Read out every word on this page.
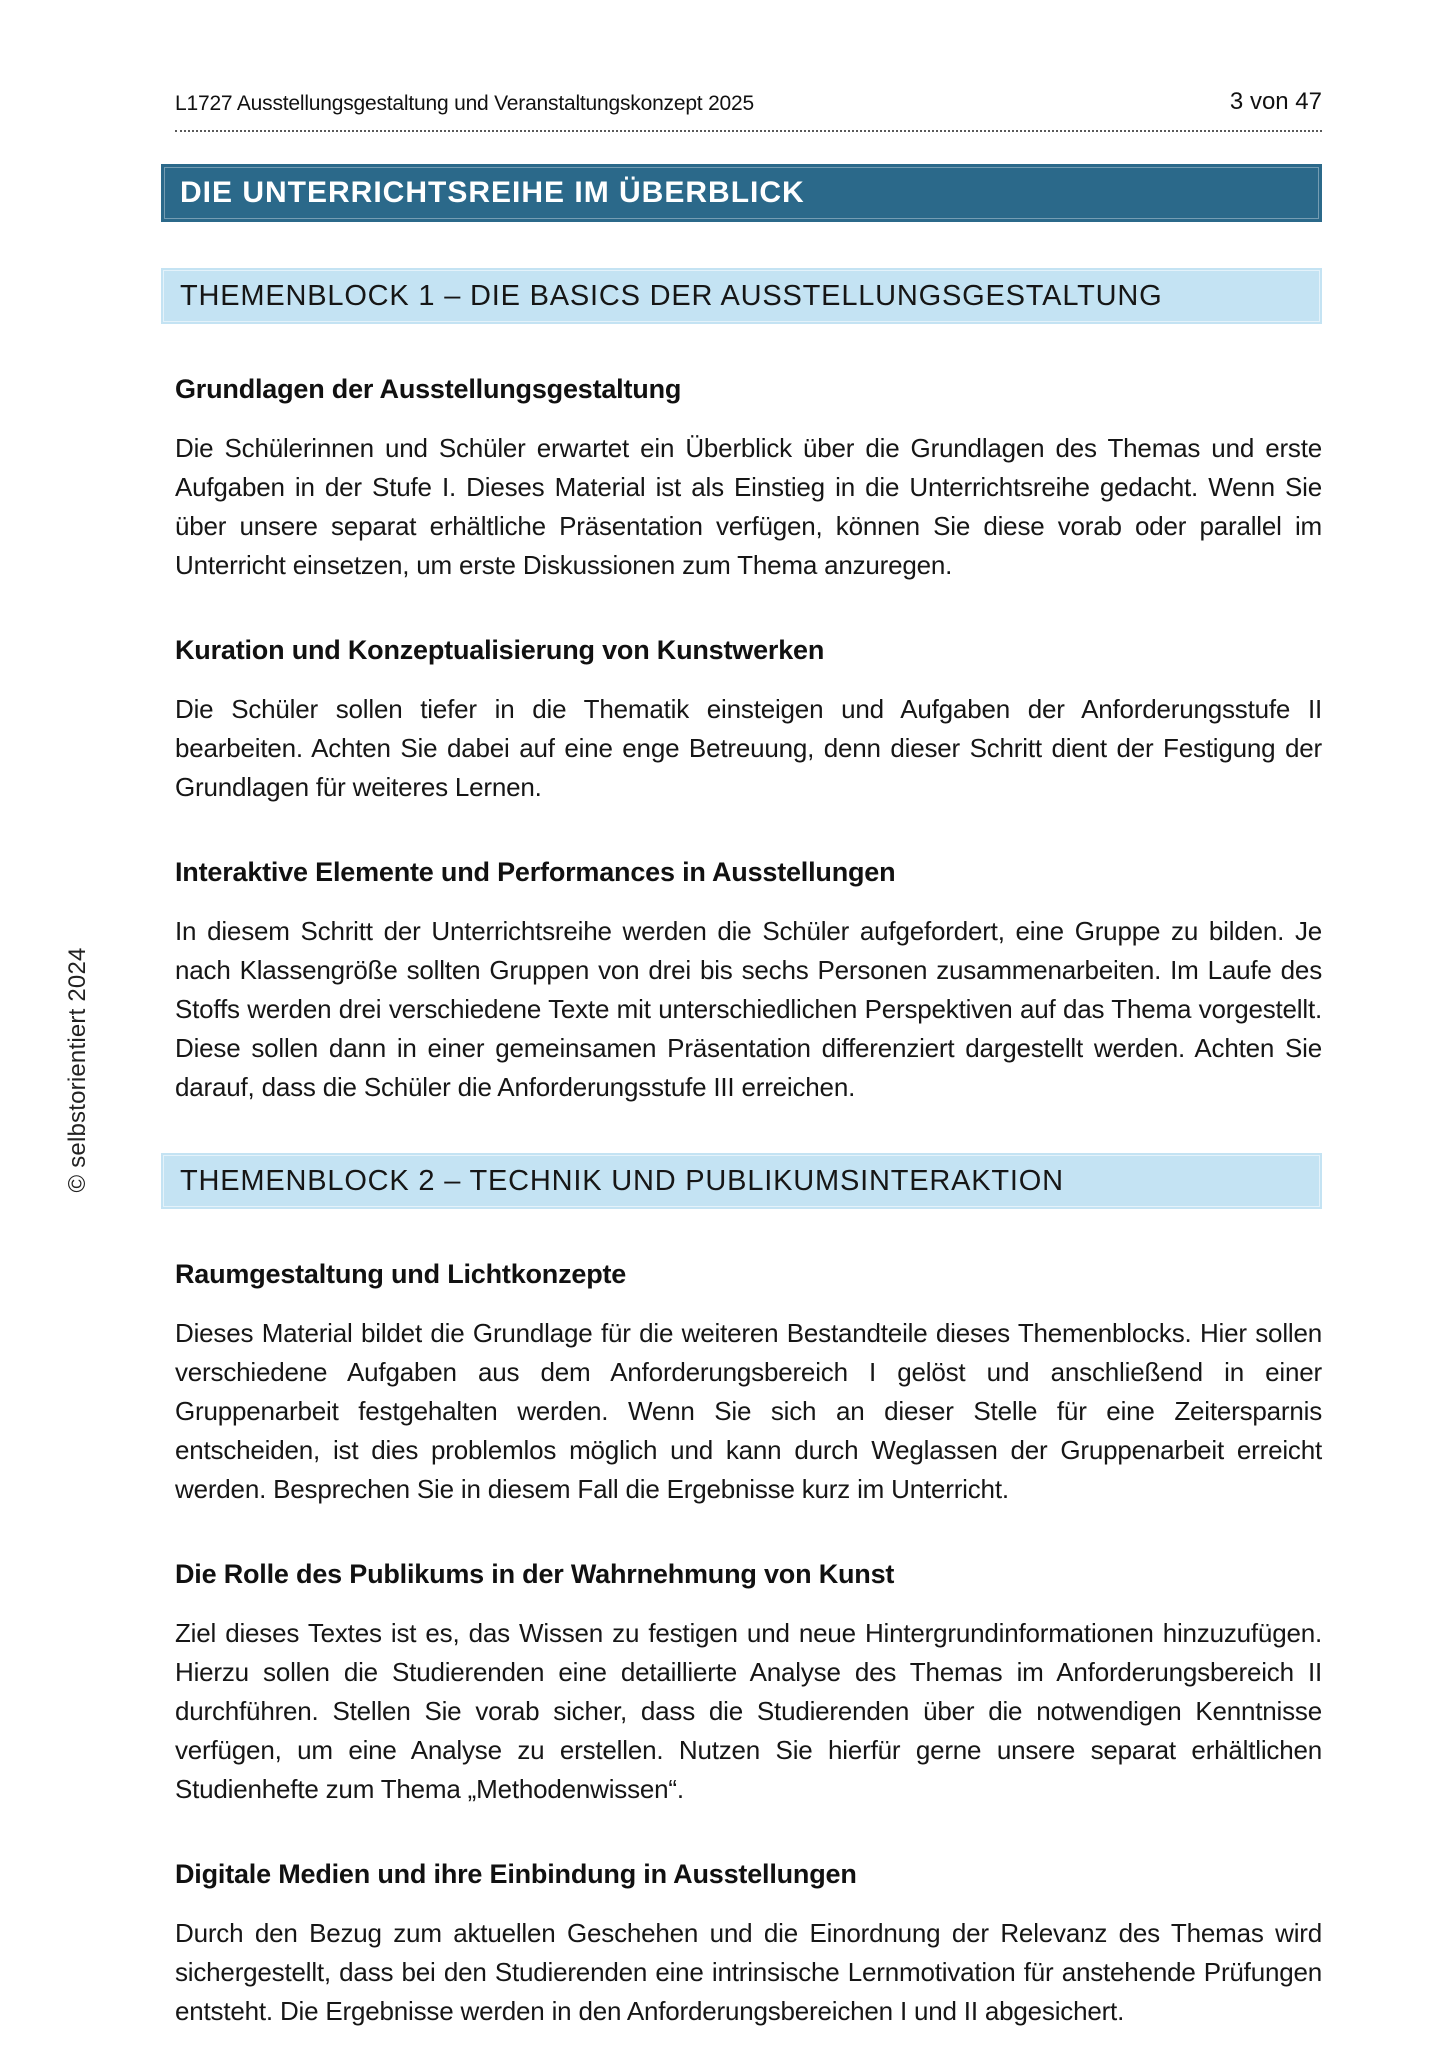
© selbstorientiert 2024
L1727 Ausstellungsgestaltung und Veranstaltungskonzept 2025	3 von 47
DIE UNTERRICHTSREIHE IM ÜBERBLICK
THEMENBLOCK 1 – DIE BASICS DER AUSSTELLUNGSGESTALTUNG
Grundlagen der Ausstellungsgestaltung

Die Schülerinnen und Schüler erwartet ein Überblick über die Grundlagen des Themas und erste Aufgaben in der Stufe I. Dieses Material ist als Einstieg in die Unterrichtsreihe gedacht. Wenn Sie über unsere separat erhältliche Präsentation verfügen, können Sie diese vorab oder parallel im Unterricht einsetzen, um erste Diskussionen zum Thema anzuregen.

Kuration und Konzeptualisierung von Kunstwerken

Die Schüler sollen tiefer in die Thematik einsteigen und Aufgaben der Anforderungsstufe II bearbeiten. Achten Sie dabei auf eine enge Betreuung, denn dieser Schritt dient der Festigung der Grundlagen für weiteres Lernen.

Interaktive Elemente und Performances in Ausstellungen

In diesem Schritt der Unterrichtsreihe werden die Schüler aufgefordert, eine Gruppe zu bilden. Je nach Klassengröße sollten Gruppen von drei bis sechs Personen zusammenarbeiten. Im Laufe des Stoffs werden drei verschiedene Texte mit unterschiedlichen Perspektiven auf das Thema vorgestellt. Diese sollen dann in einer gemeinsamen Präsentation differenziert dargestellt werden. Achten Sie darauf, dass die Schüler die Anforderungsstufe III erreichen.

THEMENBLOCK 2 – TECHNIK UND PUBLIKUMSINTERAKTION
Raumgestaltung und Lichtkonzepte

Dieses Material bildet die Grundlage für die weiteren Bestandteile dieses Themenblocks. Hier sollen verschiedene Aufgaben aus dem Anforderungsbereich I gelöst und anschließend in einer Gruppenarbeit festgehalten werden. Wenn Sie sich an dieser Stelle für eine Zeitersparnis entscheiden, ist dies problemlos möglich und kann durch Weglassen der Gruppenarbeit erreicht werden. Besprechen Sie in diesem Fall die Ergebnisse kurz im Unterricht.

Die Rolle des Publikums in der Wahrnehmung von Kunst

Ziel dieses Textes ist es, das Wissen zu festigen und neue Hintergrundinformationen hinzuzufügen. Hierzu sollen die Studierenden eine detaillierte Analyse des Themas im Anforderungsbereich II durchführen. Stellen Sie vorab sicher, dass die Studierenden über die notwendigen Kenntnisse verfügen, um eine Analyse zu erstellen. Nutzen Sie hierfür gerne unsere separat erhältlichen Studienhefte zum Thema „Methodenwissen“.

Digitale Medien und ihre Einbindung in Ausstellungen

Durch den Bezug zum aktuellen Geschehen und die Einordnung der Relevanz des Themas wird sichergestellt, dass bei den Studierenden eine intrinsische Lernmotivation für anstehende Prüfungen entsteht. Die Ergebnisse werden in den Anforderungsbereichen I und II abgesichert.
